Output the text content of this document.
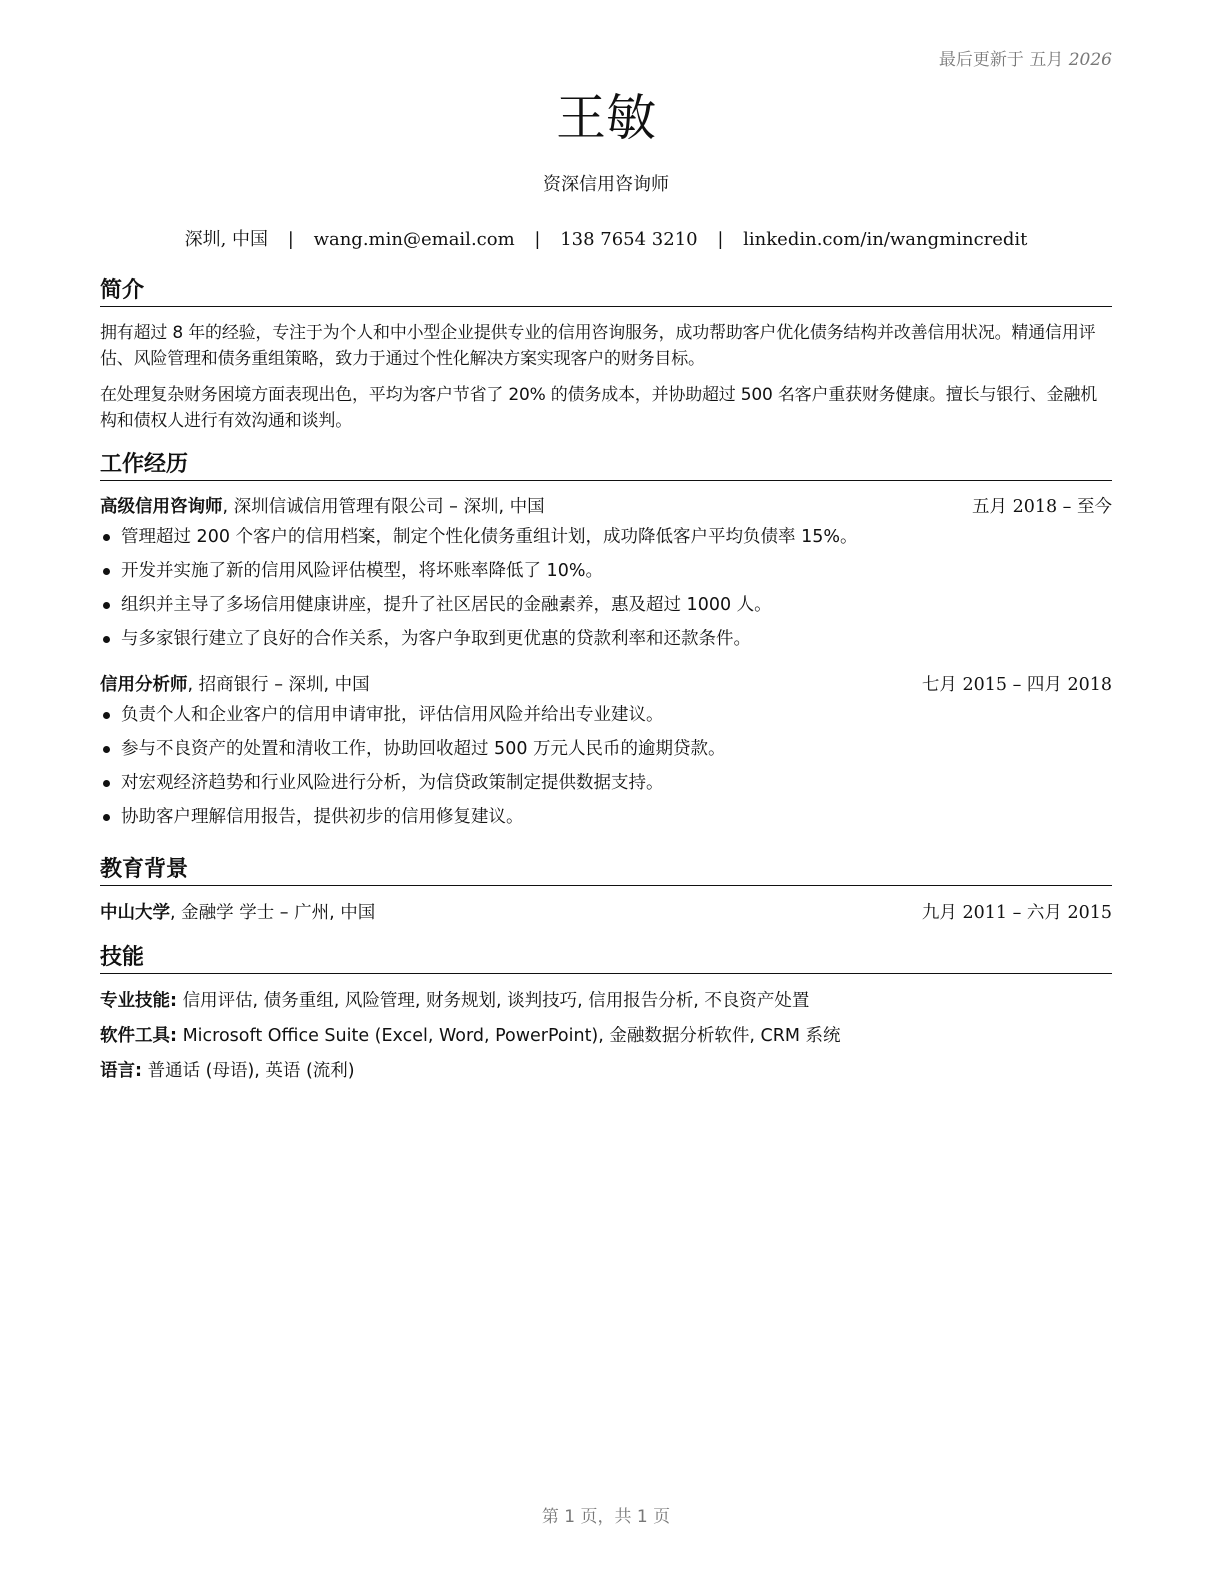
最后更新于 五月 2026
王敏
资深信用咨询师
深圳, 中国 | wang.min@email.com | 138 7654 3210 | linkedin.com/in/wangmincredit
简介

拥有超过 8 年的经验，专注于为个人和中小型企业提供专业的信用咨询服务，成功帮助客户优化债务结构并改善信用状况。精通信用评估、风险管理和债务重组策略，致力于通过个性化解决方案实现客户的财务目标。

在处理复杂财务困境方面表现出色，平均为客户节省了 20% 的债务成本，并协助超过 500 名客户重获财务健康。擅长与银行、金融机构和债权人进行有效沟通和谈判。

工作经历
高级信用咨询师, 深圳信诚信用管理有限公司 – 深圳, 中国	五月 2018 – 至今
管理超过 200 个客户的信用档案，制定个性化债务重组计划，成功降低客户平均负债率 15%。
开发并实施了新的信用风险评估模型，将坏账率降低了 10%。
组织并主导了多场信用健康讲座，提升了社区居民的金融素养，惠及超过 1000 人。
与多家银行建立了良好的合作关系，为客户争取到更优惠的贷款利率和还款条件。
信用分析师, 招商银行 – 深圳, 中国	七月 2015 – 四月 2018
负责个人和企业客户的信用申请审批，评估信用风险并给出专业建议。
参与不良资产的处置和清收工作，协助回收超过 500 万元人民币的逾期贷款。
对宏观经济趋势和行业风险进行分析，为信贷政策制定提供数据支持。
协助客户理解信用报告，提供初步的信用修复建议。
教育背景
中山大学, 金融学 学士 – 广州, 中国	九月 2011 – 六月 2015
技能
专业技能: 信用评估, 债务重组, 风险管理, 财务规划, 谈判技巧, 信用报告分析, 不良资产处置
软件工具: Microsoft Office Suite (Excel, Word, PowerPoint), 金融数据分析软件, CRM 系统
语言: 普通话 (母语), 英语 (流利)
第 1 页，共 1 页
